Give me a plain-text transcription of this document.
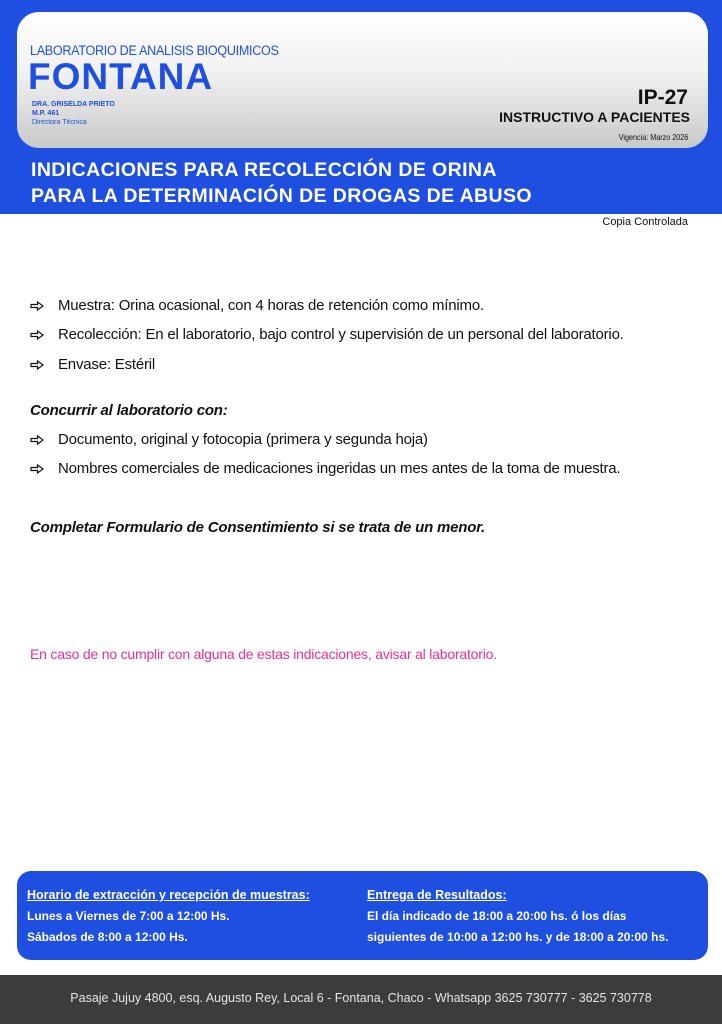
LABORATORIO DE ANALISIS BIOQUIMICOS
FONTANA
DRA. GRISELDA PRIETO
M.P. 461
Directora Técnica
IP-27
INSTRUCTIVO A PACIENTES
Vigencia: Marzo 2026
INDICACIONES PARA RECOLECCIÓN DE ORINA
PARA LA DETERMINACIÓN DE DROGAS DE ABUSO
Copia Controlada
Muestra: Orina ocasional, con 4 horas de retención como mínimo.
Recolección: En el laboratorio, bajo control y supervisión de un personal del laboratorio.
Envase: Estéril
Concurrir al laboratorio con:
Documento, original y fotocopia (primera y segunda hoja)
Nombres comerciales de medicaciones ingeridas un mes antes de la toma de muestra.
Completar Formulario de Consentimiento si se trata de un menor.
En caso de no cumplir con alguna de estas indicaciones, avisar al laboratorio.
Horario de extracción y recepción de muestras:
Lunes a Viernes de 7:00 a 12:00 Hs.
Sábados de 8:00 a 12:00 Hs.
Entrega de Resultados:
El día indicado de 18:00 a 20:00 hs. ó los días
siguientes de 10:00 a 12:00 hs. y de 18:00 a 20:00 hs.
Pasaje Jujuy 4800, esq. Augusto Rey, Local 6 - Fontana, Chaco - Whatsapp 3625 730777 - 3625 730778
